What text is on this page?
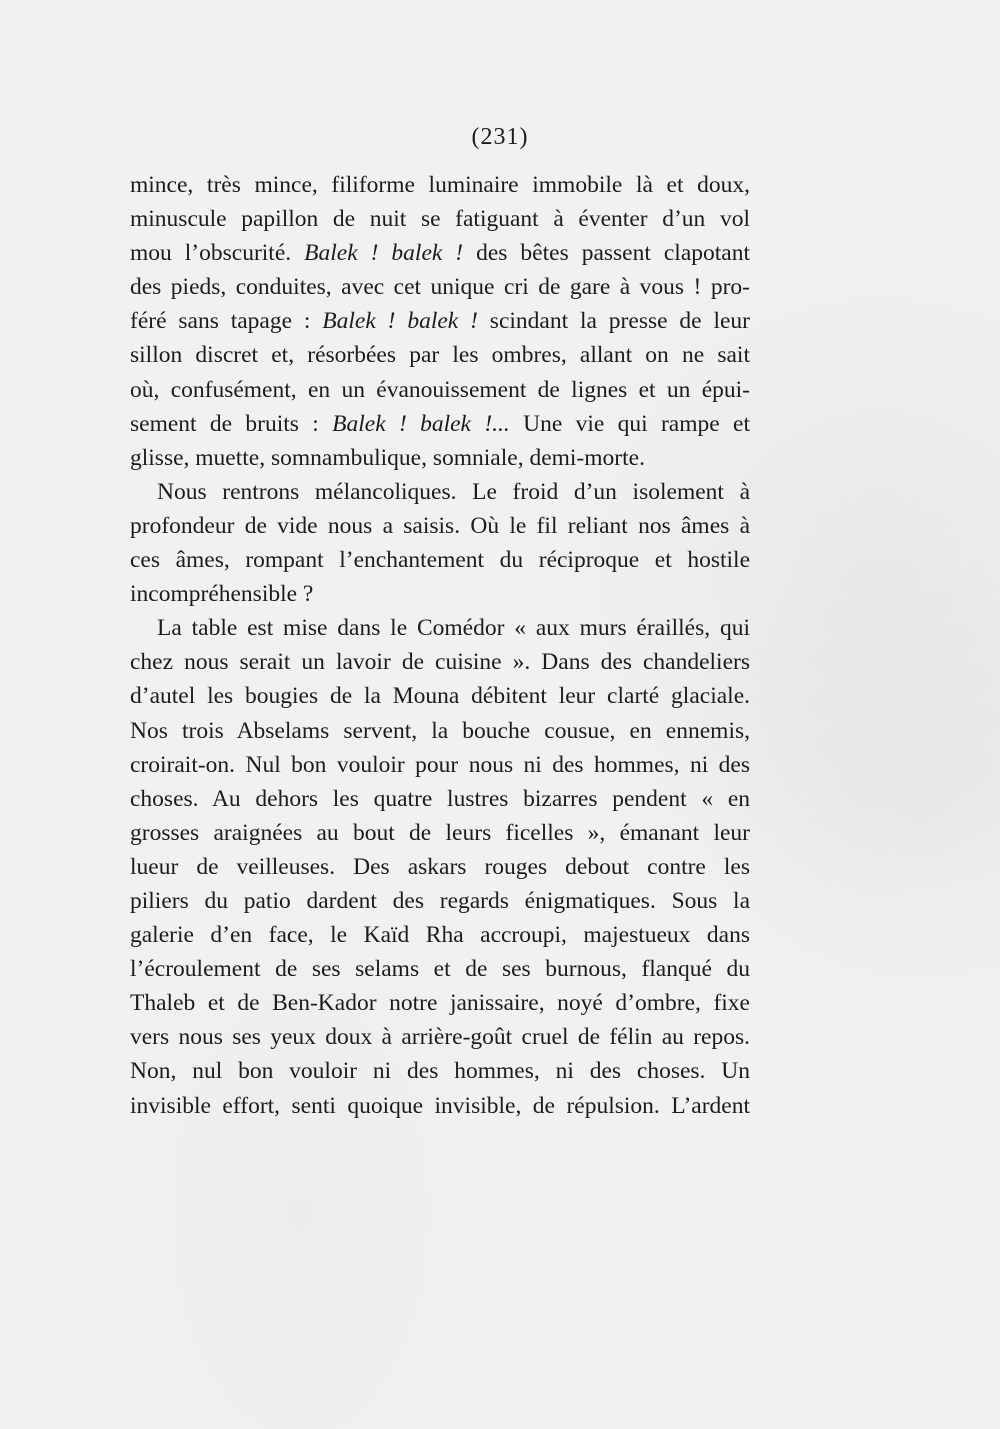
(231)
mince, très mince, filiforme luminaire immobile là et doux,
minuscule papillon de nuit se fatiguant à éventer d’un vol
mou l’obscurité. Balek ! balek ! des bêtes passent clapotant
des pieds, conduites, avec cet unique cri de gare à vous ! pro-
féré sans tapage : Balek ! balek ! scindant la presse de leur
sillon discret et, résorbées par les ombres, allant on ne sait
où, confusément, en un évanouissement de lignes et un épui-
sement de bruits : Balek ! balek !... Une vie qui rampe et
glisse, muette, somnambulique, somniale, demi-morte.
Nous rentrons mélancoliques. Le froid d’un isolement à
profondeur de vide nous a saisis. Où le fil reliant nos âmes à
ces âmes, rompant l’enchantement du réciproque et hostile
incompréhensible ?
La table est mise dans le Comédor « aux murs éraillés, qui
chez nous serait un lavoir de cuisine ». Dans des chandeliers
d’autel les bougies de la Mouna débitent leur clarté glaciale.
Nos trois Abselams servent, la bouche cousue, en ennemis,
croirait-on. Nul bon vouloir pour nous ni des hommes, ni des
choses. Au dehors les quatre lustres bizarres pendent « en
grosses araignées au bout de leurs ficelles », émanant leur
lueur de veilleuses. Des askars rouges debout contre les
piliers du patio dardent des regards énigmatiques. Sous la
galerie d’en face, le Kaïd Rha accroupi, majestueux dans
l’écroulement de ses selams et de ses burnous, flanqué du
Thaleb et de Ben-Kador notre janissaire, noyé d’ombre, fixe
vers nous ses yeux doux à arrière-goût cruel de félin au repos.
Non, nul bon vouloir ni des hommes, ni des choses. Un
invisible effort, senti quoique invisible, de répulsion. L’ardent
